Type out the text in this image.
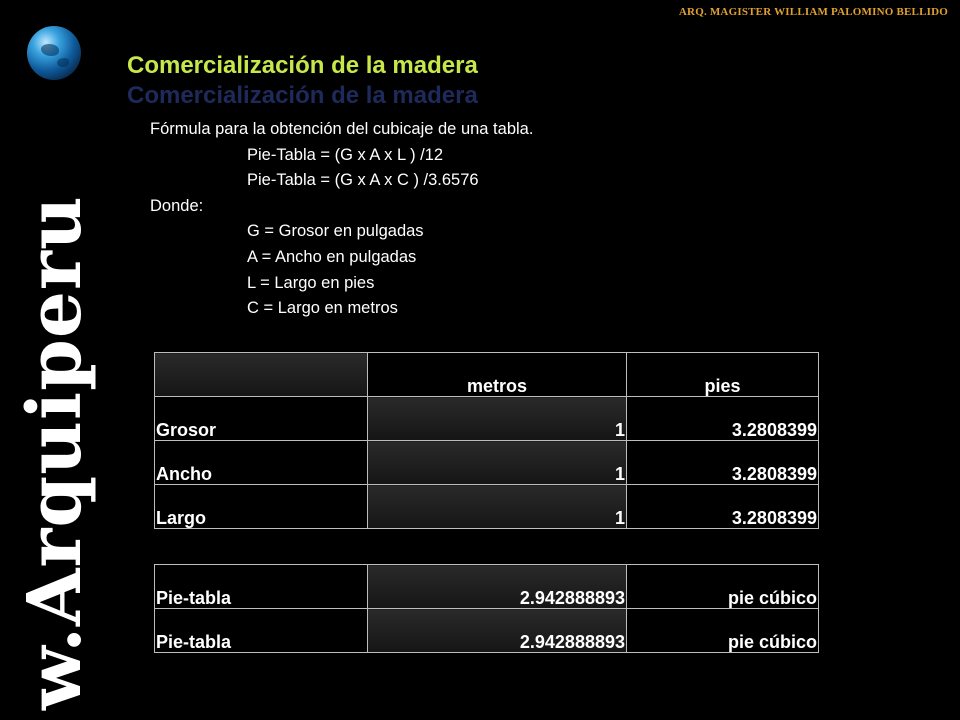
ARQ. MAGISTER WILLIAM PALOMINO BELLIDO
w.Arquiperu
Comercialización de la madera
Comercialización de la madera
Fórmula para la obtención del cubicaje de una tabla.
Pie-Tabla = (G x A x L ) /12
Pie-Tabla = (G x A x C ) /3.6576
Donde:
G = Grosor en pulgadas
A = Ancho en pulgadas
L = Largo en pies
C = Largo en metros
	metros	pies
Grosor	1	3.2808399
Ancho	1	3.2808399
Largo	1	3.2808399
Pie-tabla	2.942888893	pie cúbico
Pie-tabla	2.942888893	pie cúbico
